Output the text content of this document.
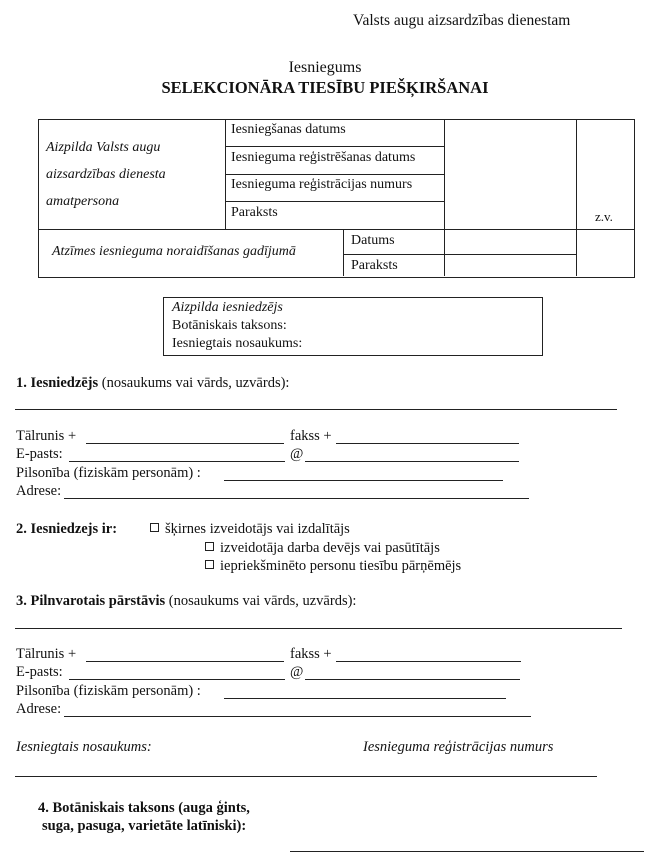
Valsts augu aizsardzības dienestam
Iesniegums
SELEKCIONĀRA TIESĪBU PIEŠĶIRŠANAI
Aizpilda Valsts augu
aizsardzības dienesta
amatpersona
Iesniegšanas datums
Iesnieguma reģistrēšanas datums
Iesnieguma reģistrācijas numurs
Paraksts	z.v.
Atzīmes iesnieguma noraidīšanas gadījumā
Datums
Paraksts
Aizpilda iesniedzējs
Botāniskais taksons:
Iesniegtais nosaukums:
1. Iesniedzējs (nosaukums vai vārds, uzvārds):
Tālrunis +	fakss +
E-pasts:	@
Pilsonība (fiziskām personām) :
Adrese:
2. Iesniedzejs ir:	šķirnes izveidotājs vai izdalītājs
izveidotāja darba devējs vai pasūtītājs
iepriekšminēto personu tiesību pārņēmējs
3. Pilnvarotais pārstāvis (nosaukums vai vārds, uzvārds):
Tālrunis +	fakss +
E-pasts:	@
Pilsonība (fiziskām personām) :
Adrese:
Iesniegtais nosaukums:	Iesnieguma reģistrācijas numurs
4. Botāniskais taksons (auga ģints,
suga, pasuga, varietāte latīniski):
